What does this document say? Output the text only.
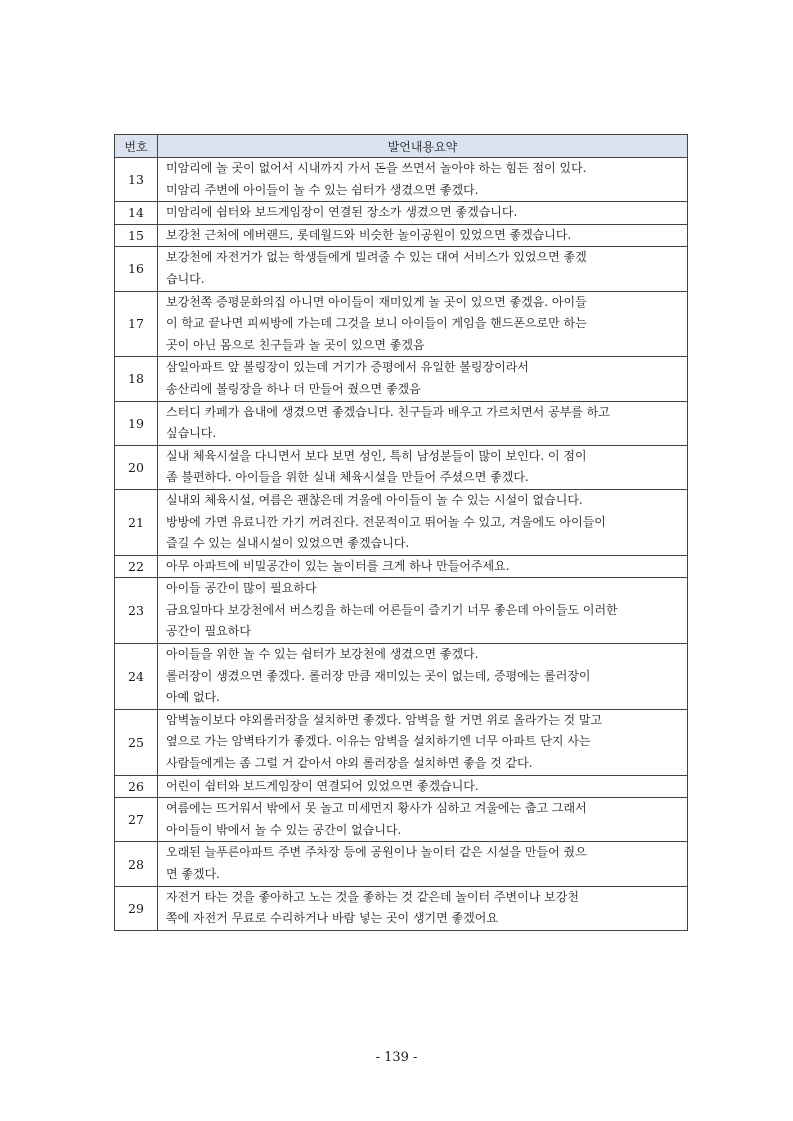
번호	발언내용요약
13	미암리에 놀 곳이 없어서 시내까지 가서 돈을 쓰면서 놀아야 하는 힘든 점이 있다.
미암리 주변에 아이들이 놀 수 있는 쉼터가 생겼으면 좋겠다.

14	미암리에 쉼터와 보드게임장이 연결된 장소가 생겼으면 좋겠습니다.

15	보강천 근처에 에버랜드, 롯데월드와 비슷한 놀이공원이 있었으면 좋겠습니다.

16	보강천에 자전거가 없는 학생들에게 빌려줄 수 있는 대여 서비스가 있었으면 좋겠
습니다.

17	보강천쪽 증평문화의집 아니면 아이들이 재미있게 놀 곳이 있으면 좋겠음. 아이들
이 학교 끝나면 피씨방에 가는데 그것을 보니 아이들이 게임을 핸드폰으로만 하는
곳이 아닌 몸으로 친구들과 놀 곳이 있으면 좋겠음

18	삼일아파트 앞 볼링장이 있는데 거기가 증평에서 유일한 볼링장이라서
송산리에 볼링장을 하나 더 만들어 줬으면 좋겠음

19	스터디 카페가 읍내에 생겼으면 좋겠습니다. 친구들과 배우고 가르치면서 공부를 하고
싶습니다.

20	실내 체육시설을 다니면서 보다 보면 성인, 특히 남성분들이 많이 보인다. 이 점이
좀 불편하다. 아이들을 위한 실내 체육시설을 만들어 주셨으면 좋겠다.

21	실내외 체육시설, 여름은 괜찮은데 겨울에 아이들이 놀 수 있는 시설이 없습니다.
방방에 가면 유료니깐 가기 꺼려진다. 전문적이고 뛰어놀 수 있고, 겨울에도 아이들이
즐길 수 있는 실내시설이 있었으면 좋겠습니다.

22	아무 아파트에 비밀공간이 있는 놀이터를 크게 하나 만들어주세요.

23	아이들 공간이 많이 필요하다
금요일마다 보강천에서 버스킹을 하는데 어른들이 즐기기 너무 좋은데 아이들도 이러한
공간이 필요하다

24	아이들을 위한 놀 수 있는 쉼터가 보강천에 생겼으면 좋겠다.
롤러장이 생겼으면 좋겠다. 롤러장 만큼 재미있는 곳이 없는데, 증평에는 롤러장이
아예 없다.

25	암벽놀이보다 야외롤러장을 설치하면 좋겠다. 암벽을 할 거면 위로 올라가는 것 말고
옆으로 가는 암벽타기가 좋겠다. 이유는 암벽을 설치하기엔 너무 아파트 단지 사는
사람들에게는 좀 그럴 거 같아서 야외 롤러장을 설치하면 좋을 것 같다.

26	어린이 쉼터와 보드게임장이 연결되어 있었으면 좋겠습니다.

27	여름에는 뜨거워서 밖에서 못 놀고 미세먼지 황사가 심하고 겨울에는 춥고 그래서
아이들이 밖에서 놀 수 있는 공간이 없습니다.

28	오래된 늘푸른아파트 주변 주차장 등에 공원이나 놀이터 같은 시설을 만들어 줬으
면 좋겠다.

29	자전거 타는 것을 좋아하고 노는 것을 좋하는 것 같은데 놀이터 주변이나 보강천
쪽에 자전거 무료로 수리하거나 바람 넣는 곳이 생기면 좋겠어요
- 139 -
